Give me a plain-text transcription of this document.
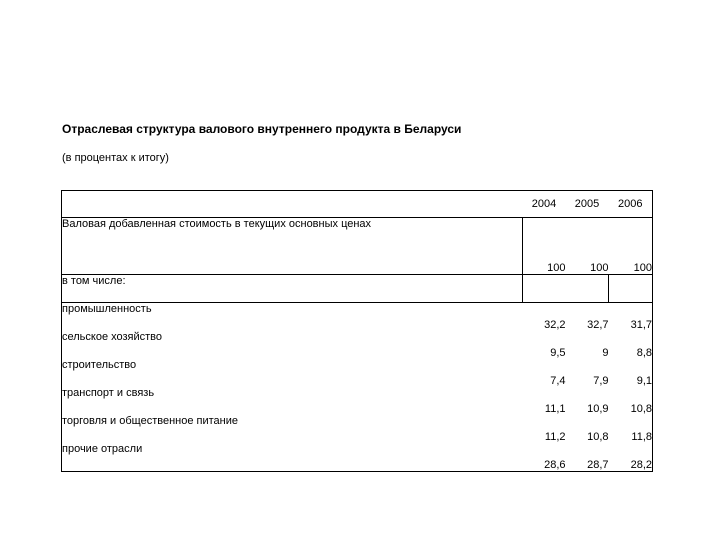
Отраслевая структура валового внутреннего продукта в Беларуси
(в процентах к итогу)
	2004	2005	2006
Валовая добавленная стоимость в текущих основных ценах	100	100	100
в том числе:			
промышленность	32,2	32,7	31,7
сельское хозяйство	9,5	9	8,8
строительство	7,4	7,9	9,1
транспорт и связь	11,1	10,9	10,8
торговля и общественное питание	11,2	10,8	11,8
прочие отрасли	28,6	28,7	28,2
